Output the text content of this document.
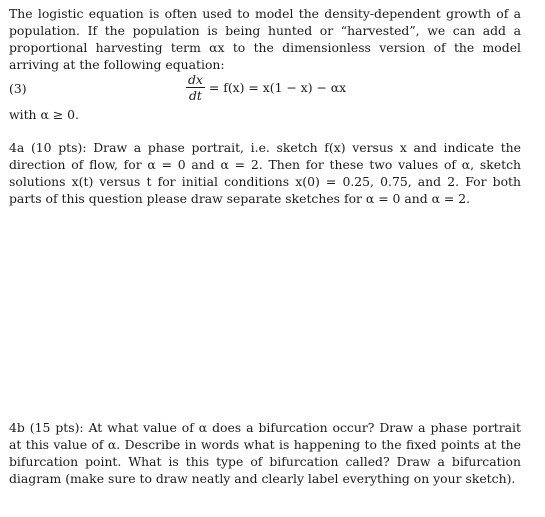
The logistic equation is often used to model the density-dependent growth of a population. If the population is being hunted or “harvested”, we can add a proportional harvesting term αx to the dimensionless version of the model arriving at the following equation:

(3)	$\frac{dx}{dt} = f(x) = x(1 - x) - \alpha x$

with α ≥ 0.

4a (10 pts): Draw a phase portrait, i.e. sketch f(x) versus x and indicate the direction of flow, for α = 0 and α = 2. Then for these two values of α, sketch solutions x(t) versus t for initial conditions x(0) = 0.25, 0.75, and 2. For both parts of this question please draw separate sketches for α = 0 and α = 2.

4b (15 pts): At what value of α does a bifurcation occur? Draw a phase portrait at this value of α. Describe in words what is happening to the fixed points at the bifurcation point. What is this type of bifurcation called? Draw a bifurcation diagram (make sure to draw neatly and clearly label everything on your sketch).
